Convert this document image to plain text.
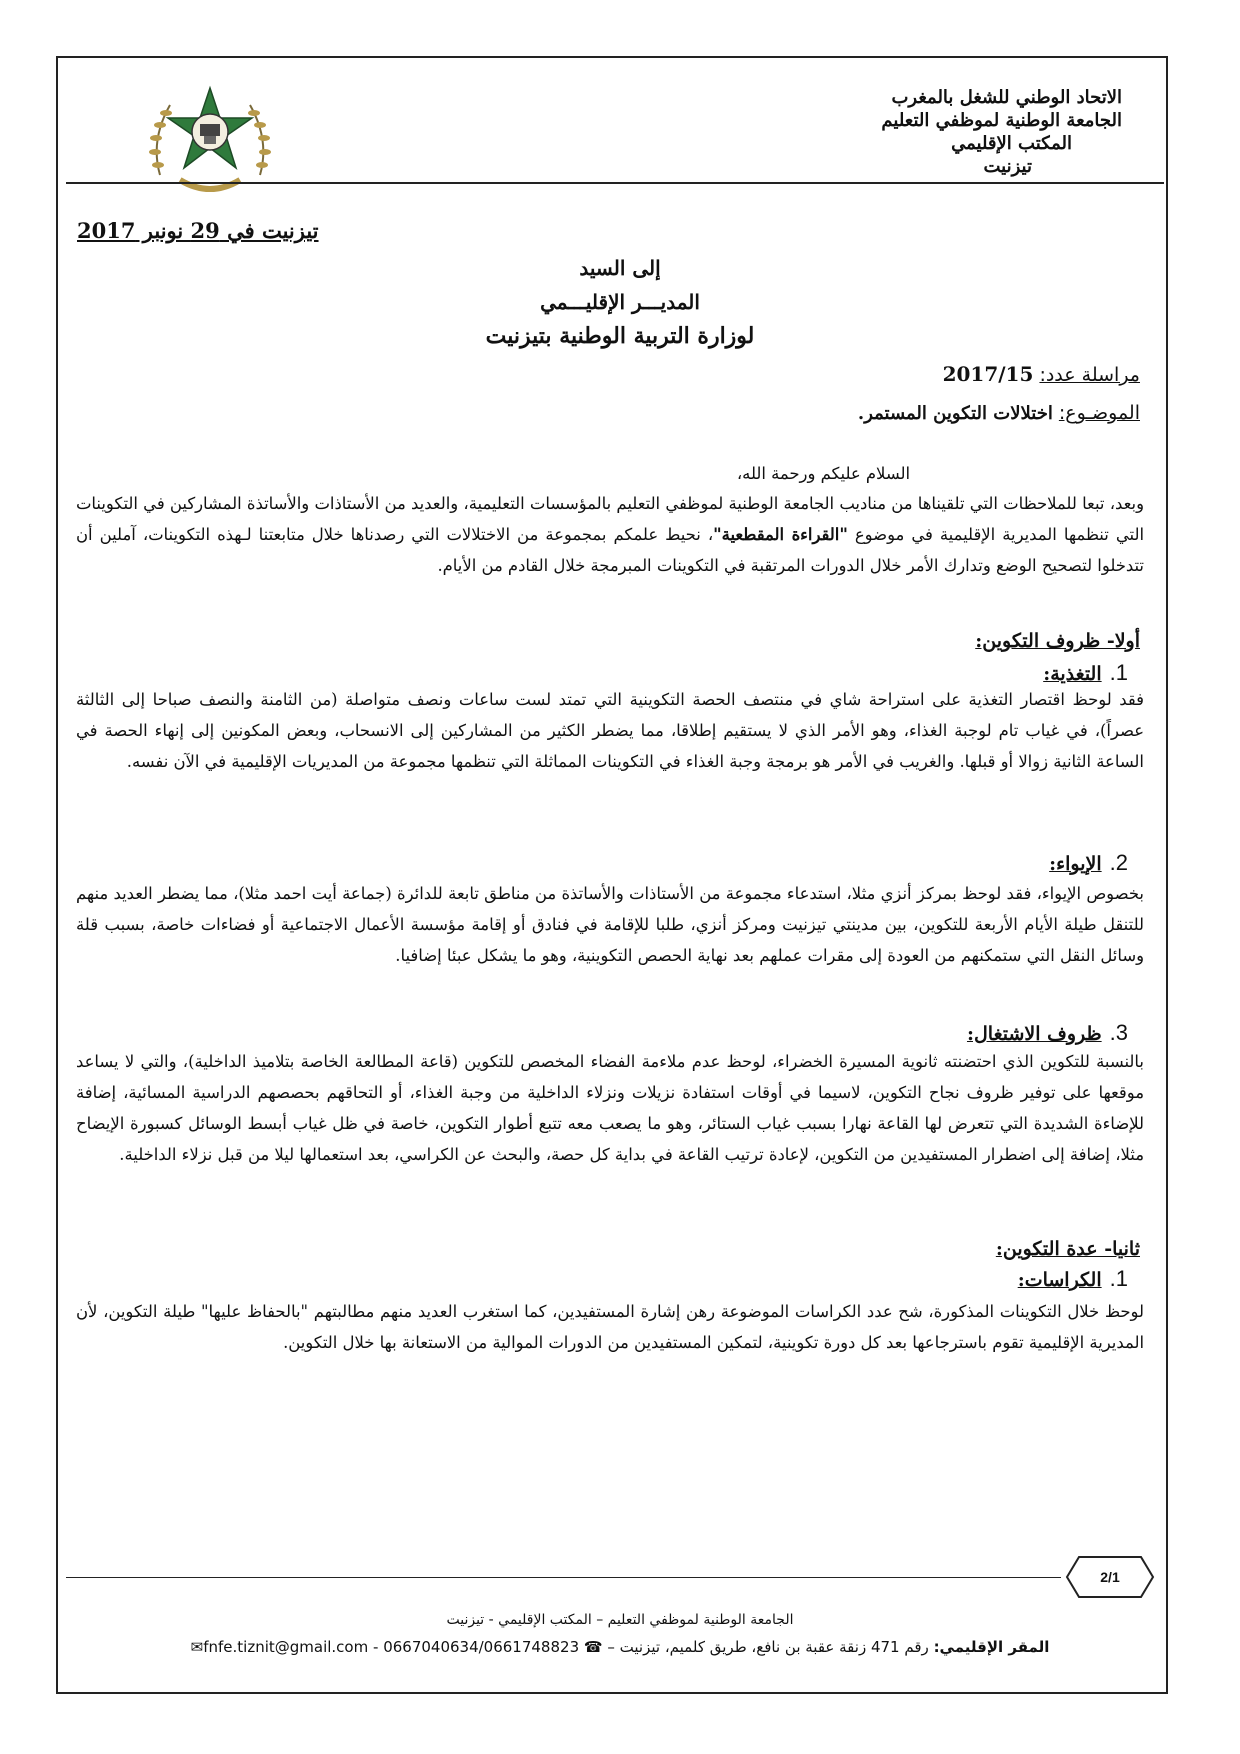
الاتحاد الوطني للشغل بالمغرب
الجامعة الوطنية لموظفي التعليم
المكتب الإقليمي
تيزنيت
تيزنيت في 29 نونبر 2017
إلى السيد
المديـــر الإقليـــمي
لوزارة التربية الوطنية بتيزنيت
مراسلة عدد: 2017/15
الموضـوع: اختلالات التكوين المستمر.
السلام عليكم ورحمة الله،
وبعد، تبعا للملاحظات التي تلقيناها من مناديب الجامعة الوطنية لموظفي التعليم بالمؤسسات التعليمية، والعديد من الأستاذات والأساتذة المشاركين في التكوينات التي تنظمها المديرية الإقليمية في موضوع "القراءة المقطعية"، نحيط علمكم بمجموعة من الاختلالات التي رصدناها خلال متابعتنا لـهذه التكوينات، آملين أن تتدخلوا لتصحيح الوضع وتدارك الأمر خلال الدورات المرتقبة في التكوينات المبرمجة خلال القادم من الأيام.
أولا- ظروف التكوين:
1.التغذية:
فقد لوحظ اقتصار التغذية على استراحة شاي في منتصف الحصة التكوينية التي تمتد لست ساعات ونصف متواصلة (من الثامنة والنصف صباحا إلى الثالثة عصراً)، في غياب تام لوجبة الغذاء، وهو الأمر الذي لا يستقيم إطلاقا، مما يضطر الكثير من المشاركين إلى الانسحاب، وبعض المكونين إلى إنهاء الحصة في الساعة الثانية زوالا أو قبلها. والغريب في الأمر هو برمجة وجبة الغذاء في التكوينات المماثلة التي تنظمها مجموعة من المديريات الإقليمية في الآن نفسه.
2.الإيواء:
بخصوص الإيواء، فقد لوحظ بمركز أنزي مثلا، استدعاء مجموعة من الأستاذات والأساتذة من مناطق تابعة للدائرة (جماعة أيت احمد مثلا)، مما يضطر العديد منهم للتنقل طيلة الأيام الأربعة للتكوين، بين مدينتي تيزنيت ومركز أنزي، طلبا للإقامة في فنادق أو إقامة مؤسسة الأعمال الاجتماعية أو فضاءات خاصة، بسبب قلة وسائل النقل التي ستمكنهم من العودة إلى مقرات عملهم بعد نهاية الحصص التكوينية، وهو ما يشكل عبئا إضافيا.
3.ظروف الاشتغال:
بالنسبة للتكوين الذي احتضنته ثانوية المسيرة الخضراء، لوحظ عدم ملاءمة الفضاء المخصص للتكوين (قاعة المطالعة الخاصة بتلاميذ الداخلية)، والتي لا يساعد موقعها على توفير ظروف نجاح التكوين، لاسيما في أوقات استفادة نزيلات ونزلاء الداخلية من وجبة الغذاء، أو التحاقهم بحصصهم الدراسية المسائية، إضافة للإضاءة الشديدة التي تتعرض لها القاعة نهارا بسبب غياب الستائر، وهو ما يصعب معه تتبع أطوار التكوين، خاصة في ظل غياب أبسط الوسائل كسبورة الإيضاح مثلا، إضافة إلى اضطرار المستفيدين من التكوين، لإعادة ترتيب القاعة في بداية كل حصة، والبحث عن الكراسي، بعد استعمالها ليلا من قبل نزلاء الداخلية.
ثانيا- عدة التكوين:
1.الكراسات:
لوحظ خلال التكوينات المذكورة، شح عدد الكراسات الموضوعة رهن إشارة المستفيدين، كما استغرب العديد منهم مطالبتهم "بالحفاظ عليها" طيلة التكوين، لأن المديرية الإقليمية تقوم باسترجاعها بعد كل دورة تكوينية، لتمكين المستفيدين من الدورات الموالية من الاستعانة بها خلال التكوين.
2/1
الجامعة الوطنية لموظفي التعليم – المكتب الإقليمي - تيزنيت
المقر الإقليمي: رقم 471 زنقة عقبة بن نافع، طريق كلميم، تيزنيت – ☎ 0667040634/0661748823 - fnfe.tiznit@gmail.com✉
